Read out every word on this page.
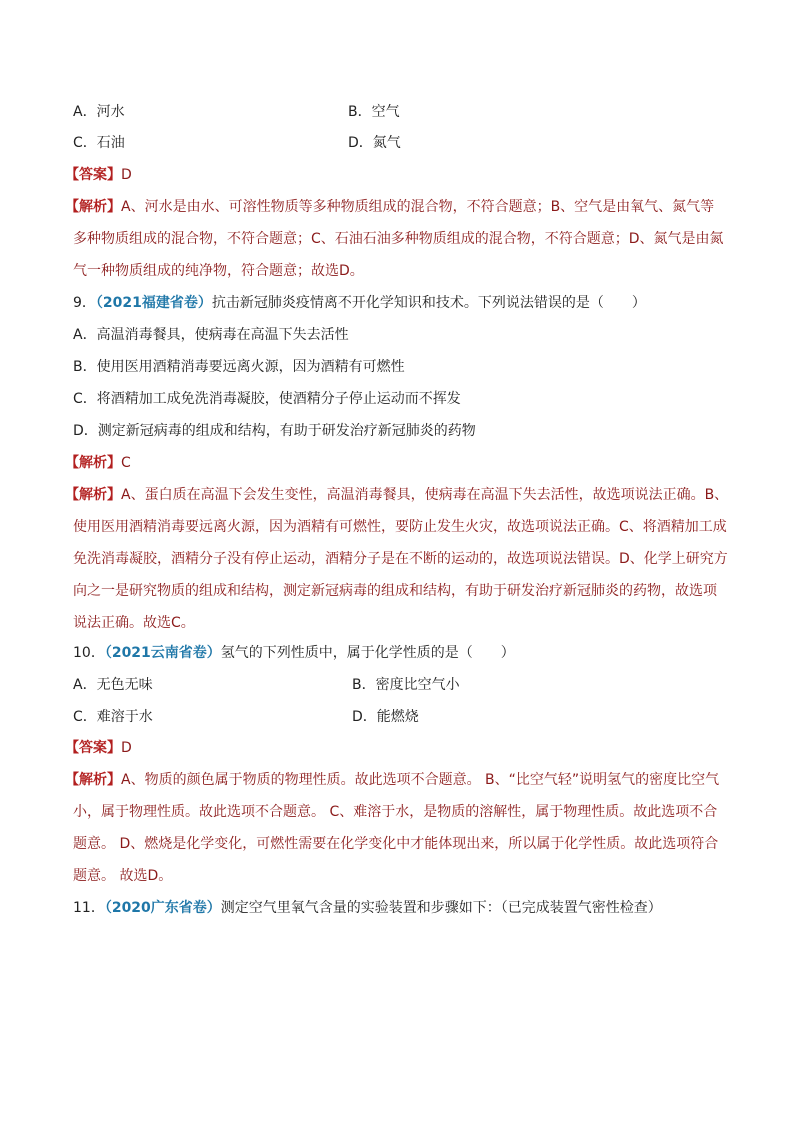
A．河水	B．空气
C．石油	D．氮气
【答案】D
【解析】A、河水是由水、可溶性物质等多种物质组成的混合物，不符合题意；B、空气是由氧气、氮气等
多种物质组成的混合物，不符合题意；C、石油石油多种物质组成的混合物，不符合题意；D、氮气是由氮
气一种物质组成的纯净物，符合题意；故选D。
9．（2021福建省卷）抗击新冠肺炎疫情离不开化学知识和技术。下列说法错误的是（　　）
A．高温消毒餐具，使病毒在高温下失去活性
B．使用医用酒精消毒要远离火源，因为酒精有可燃性
C．将酒精加工成免洗消毒凝胶，使酒精分子停止运动而不挥发
D．测定新冠病毒的组成和结构，有助于研发治疗新冠肺炎的药物
【解析】C
【解析】A、蛋白质在高温下会发生变性，高温消毒餐具，使病毒在高温下失去活性，故选项说法正确。B、
使用医用酒精消毒要远离火源，因为酒精有可燃性，要防止发生火灾，故选项说法正确。C、将酒精加工成
免洗消毒凝胶，酒精分子没有停止运动，酒精分子是在不断的运动的，故选项说法错误。D、化学上研究方
向之一是研究物质的组成和结构，测定新冠病毒的组成和结构，有助于研发治疗新冠肺炎的药物，故选项
说法正确。故选C。
10．（2021云南省卷）氢气的下列性质中，属于化学性质的是（　　）
A．无色无味	B．密度比空气小
C．难溶于水	D．能燃烧
【答案】D
【解析】A、物质的颜色属于物质的物理性质。故此选项不合题意。 B、“比空气轻”说明氢气的密度比空气
小，属于物理性质。故此选项不合题意。 C、难溶于水，是物质的溶解性，属于物理性质。故此选项不合
题意。 D、燃烧是化学变化，可燃性需要在化学变化中才能体现出来，所以属于化学性质。故此选项符合
题意。 故选D。
11．（2020广东省卷）测定空气里氧气含量的实验装置和步骤如下：（已完成装置气密性检查）
